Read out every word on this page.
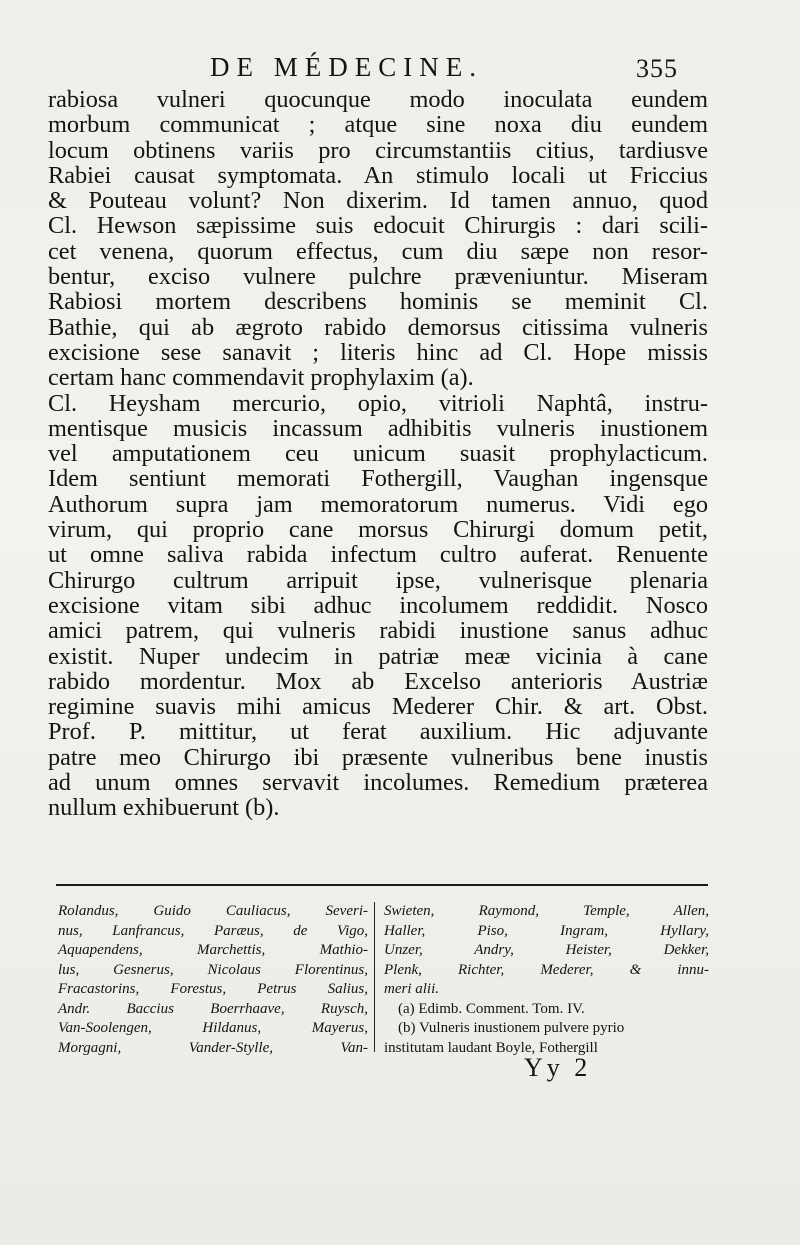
DE MÉDECINE.	355
rabiosa vulneri quocunque modo inoculata eundem
morbum communicat ; atque sine noxa diu eundem
locum obtinens variis pro circumstantiis citius, tardiusve
Rabiei causat symptomata. An stimulo locali ut Friccius
& Pouteau volunt? Non dixerim. Id tamen annuo, quod
Cl. Hewson sæpissime suis edocuit Chirurgis : dari scili-
cet venena, quorum effectus, cum diu sæpe non resor-
bentur, exciso vulnere pulchre præveniuntur. Miseram
Rabiosi mortem describens hominis se meminit Cl.
Bathie, qui ab ægroto rabido demorsus citissima vulneris
excisione sese sanavit ; literis hinc ad Cl. Hope missis
certam hanc commendavit prophylaxim (a).
Cl. Heysham mercurio, opio, vitrioli Naphtâ, instru-
mentisque musicis incassum adhibitis vulneris inustionem
vel amputationem ceu unicum suasit prophylacticum.
Idem sentiunt memorati Fothergill, Vaughan ingensque
Authorum supra jam memoratorum numerus. Vidi ego
virum, qui proprio cane morsus Chirurgi domum petit,
ut omne saliva rabida infectum cultro auferat. Renuente
Chirurgo cultrum arripuit ipse, vulnerisque plenaria
excisione vitam sibi adhuc incolumem reddidit. Nosco
amici patrem, qui vulneris rabidi inustione sanus adhuc
existit. Nuper undecim in patriæ meæ vicinia à cane
rabido mordentur. Mox ab Excelso anterioris Austriæ
regimine suavis mihi amicus Mederer Chir. & art. Obst.
Prof. P. mittitur, ut ferat auxilium. Hic adjuvante
patre meo Chirurgo ibi præsente vulneribus bene inustis
ad unum omnes servavit incolumes. Remedium præterea
nullum exhibuerunt (b).
Rolandus, Guido Cauliacus, Severi-
nus, Lanfrancus, Paræus, de Vigo,
Aquapendens, Marchettis, Mathio-
lus, Gesnerus, Nicolaus Florentinus,
Fracastorins, Forestus, Petrus Salius,
Andr. Baccius Boerrhaave, Ruysch,
Van-Soolengen, Hildanus, Mayerus,
Morgagni, Vander-Stylle, Van-
Swieten, Raymond, Temple, Allen,
Haller, Piso, Ingram, Hyllary,
Unzer, Andry, Heister, Dekker,
Plenk, Richter, Mederer, & innu-
meri alii.
(a) Edimb. Comment. Tom. IV.
(b) Vulneris inustionem pulvere pyrio
institutam laudant Boyle, Fothergill
Yy 2
